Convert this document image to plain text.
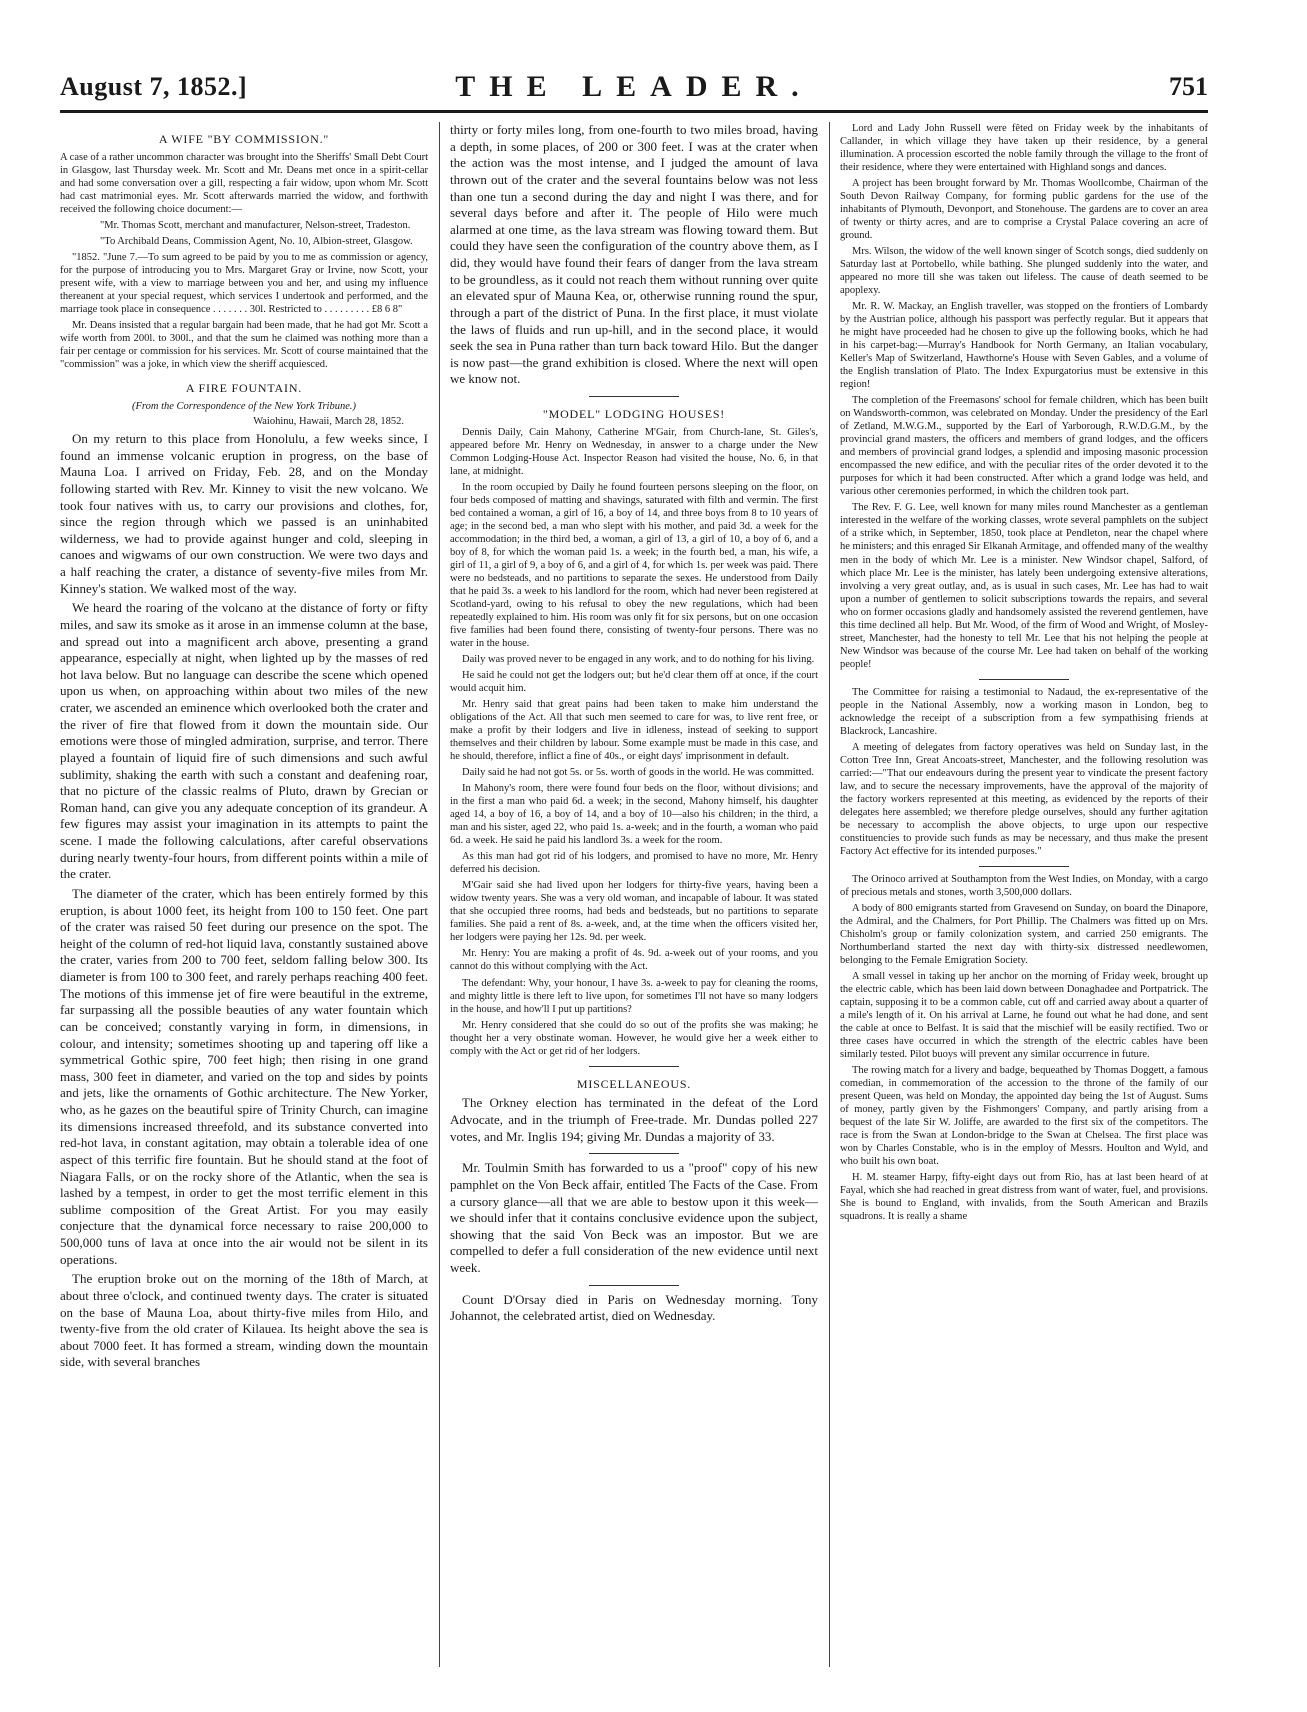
August 7, 1852.]	THE LEADER.	751

A WIFE "BY COMMISSION."

A case of a rather uncommon character was brought into the Sheriffs' Small Debt Court in Glasgow, last Thursday week. Mr. Scott and Mr. Deans met once in a spirit-cellar and had some conversation over a gill, respecting a fair widow, upon whom Mr. Scott had cast matrimonial eyes. Mr. Scott afterwards married the widow, and forthwith received the following choice document:—

"Mr. Thomas Scott, merchant and manufacturer, Nelson-street, Tradeston.

"To Archibald Deans, Commission Agent, No. 10, Albion-street, Glasgow.

"1852. "June 7.—To sum agreed to be paid by you to me as commission or agency, for the purpose of introducing you to Mrs. Margaret Gray or Irvine, now Scott, your present wife, with a view to marriage between you and her, and using my influence thereanent at your special request, which services I undertook and performed, and the marriage took place in consequence . . . . . . . 30l. Restricted to . . . . . . . . . £8 6 8"

Mr. Deans insisted that a regular bargain had been made, that he had got Mr. Scott a wife worth from 200l. to 300l., and that the sum he claimed was nothing more than a fair per centage or commission for his services. Mr. Scott of course maintained that the "commission" was a joke, in which view the sheriff acquiesced.

A FIRE FOUNTAIN.

(From the Correspondence of the New York Tribune.)

Waiohinu, Hawaii, March 28, 1852.

On my return to this place from Honolulu, a few weeks since, I found an immense volcanic eruption in progress, on the base of Mauna Loa. I arrived on Friday, Feb. 28, and on the Monday following started with Rev. Mr. Kinney to visit the new volcano. We took four natives with us, to carry our provisions and clothes, for, since the region through which we passed is an uninhabited wilderness, we had to provide against hunger and cold, sleeping in canoes and wigwams of our own construction. We were two days and a half reaching the crater, a distance of seventy-five miles from Mr. Kinney's station. We walked most of the way.

We heard the roaring of the volcano at the distance of forty or fifty miles, and saw its smoke as it arose in an immense column at the base, and spread out into a magnificent arch above, presenting a grand appearance, especially at night, when lighted up by the masses of red hot lava below. But no language can describe the scene which opened upon us when, on approaching within about two miles of the new crater, we ascended an eminence which overlooked both the crater and the river of fire that flowed from it down the mountain side. Our emotions were those of mingled admiration, surprise, and terror. There played a fountain of liquid fire of such dimensions and such awful sublimity, shaking the earth with such a constant and deafening roar, that no picture of the classic realms of Pluto, drawn by Grecian or Roman hand, can give you any adequate conception of its grandeur. A few figures may assist your imagination in its attempts to paint the scene. I made the following calculations, after careful observations during nearly twenty-four hours, from different points within a mile of the crater.

The diameter of the crater, which has been entirely formed by this eruption, is about 1000 feet, its height from 100 to 150 feet. One part of the crater was raised 50 feet during our presence on the spot. The height of the column of red-hot liquid lava, constantly sustained above the crater, varies from 200 to 700 feet, seldom falling below 300. Its diameter is from 100 to 300 feet, and rarely perhaps reaching 400 feet. The motions of this immense jet of fire were beautiful in the extreme, far surpassing all the possible beauties of any water fountain which can be conceived; constantly varying in form, in dimensions, in colour, and intensity; sometimes shooting up and tapering off like a symmetrical Gothic spire, 700 feet high; then rising in one grand mass, 300 feet in diameter, and varied on the top and sides by points and jets, like the ornaments of Gothic architecture. The New Yorker, who, as he gazes on the beautiful spire of Trinity Church, can imagine its dimensions increased threefold, and its substance converted into red-hot lava, in constant agitation, may obtain a tolerable idea of one aspect of this terrific fire fountain. But he should stand at the foot of Niagara Falls, or on the rocky shore of the Atlantic, when the sea is lashed by a tempest, in order to get the most terrific element in this sublime composition of the Great Artist. For you may easily conjecture that the dynamical force necessary to raise 200,000 to 500,000 tuns of lava at once into the air would not be silent in its operations.

The eruption broke out on the morning of the 18th of March, at about three o'clock, and continued twenty days. The crater is situated on the base of Mauna Loa, about thirty-five miles from Hilo, and twenty-five from the old crater of Kilauea. Its height above the sea is about 7000 feet. It has formed a stream, winding down the mountain side, with several branches

thirty or forty miles long, from one-fourth to two miles broad, having a depth, in some places, of 200 or 300 feet. I was at the crater when the action was the most intense, and I judged the amount of lava thrown out of the crater and the several fountains below was not less than one tun a second during the day and night I was there, and for several days before and after it. The people of Hilo were much alarmed at one time, as the lava stream was flowing toward them. But could they have seen the configuration of the country above them, as I did, they would have found their fears of danger from the lava stream to be groundless, as it could not reach them without running over quite an elevated spur of Mauna Kea, or, otherwise running round the spur, through a part of the district of Puna. In the first place, it must violate the laws of fluids and run up-hill, and in the second place, it would seek the sea in Puna rather than turn back toward Hilo. But the danger is now past—the grand exhibition is closed. Where the next will open we know not.

"MODEL" LODGING HOUSES!

Dennis Daily, Cain Mahony, Catherine M'Gair, from Church-lane, St. Giles's, appeared before Mr. Henry on Wednesday, in answer to a charge under the New Common Lodging-House Act. Inspector Reason had visited the house, No. 6, in that lane, at midnight.

In the room occupied by Daily he found fourteen persons sleeping on the floor, on four beds composed of matting and shavings, saturated with filth and vermin. The first bed contained a woman, a girl of 16, a boy of 14, and three boys from 8 to 10 years of age; in the second bed, a man who slept with his mother, and paid 3d. a week for the accommodation; in the third bed, a woman, a girl of 13, a girl of 10, a boy of 6, and a boy of 8, for which the woman paid 1s. a week; in the fourth bed, a man, his wife, a girl of 11, a girl of 9, a boy of 6, and a girl of 4, for which 1s. per week was paid. There were no bedsteads, and no partitions to separate the sexes. He understood from Daily that he paid 3s. a week to his landlord for the room, which had never been registered at Scotland-yard, owing to his refusal to obey the new regulations, which had been repeatedly explained to him. His room was only fit for six persons, but on one occasion five families had been found there, consisting of twenty-four persons. There was no water in the house.

Daily was proved never to be engaged in any work, and to do nothing for his living.

He said he could not get the lodgers out; but he'd clear them off at once, if the court would acquit him.

Mr. Henry said that great pains had been taken to make him understand the obligations of the Act. All that such men seemed to care for was, to live rent free, or make a profit by their lodgers and live in idleness, instead of seeking to support themselves and their children by labour. Some example must be made in this case, and he should, therefore, inflict a fine of 40s., or eight days' imprisonment in default.

Daily said he had not got 5s. or 5s. worth of goods in the world. He was committed.

In Mahony's room, there were found four beds on the floor, without divisions; and in the first a man who paid 6d. a week; in the second, Mahony himself, his daughter aged 14, a boy of 16, a boy of 14, and a boy of 10—also his children; in the third, a man and his sister, aged 22, who paid 1s. a-week; and in the fourth, a woman who paid 6d. a week. He said he paid his landlord 3s. a week for the room.

As this man had got rid of his lodgers, and promised to have no more, Mr. Henry deferred his decision.

M'Gair said she had lived upon her lodgers for thirty-five years, having been a widow twenty years. She was a very old woman, and incapable of labour. It was stated that she occupied three rooms, had beds and bedsteads, but no partitions to separate families. She paid a rent of 8s. a-week, and, at the time when the officers visited her, her lodgers were paying her 12s. 9d. per week.

Mr. Henry: You are making a profit of 4s. 9d. a-week out of your rooms, and you cannot do this without complying with the Act.

The defendant: Why, your honour, I have 3s. a-week to pay for cleaning the rooms, and mighty little is there left to live upon, for sometimes I'll not have so many lodgers in the house, and how'll I put up partitions?

Mr. Henry considered that she could do so out of the profits she was making; he thought her a very obstinate woman. However, he would give her a week either to comply with the Act or get rid of her lodgers.

MISCELLANEOUS.

The Orkney election has terminated in the defeat of the Lord Advocate, and in the triumph of Free-trade. Mr. Dundas polled 227 votes, and Mr. Inglis 194; giving Mr. Dundas a majority of 33.

Mr. Toulmin Smith has forwarded to us a "proof" copy of his new pamphlet on the Von Beck affair, entitled The Facts of the Case. From a cursory glance—all that we are able to bestow upon it this week—we should infer that it contains conclusive evidence upon the subject, showing that the said Von Beck was an impostor. But we are compelled to defer a full consideration of the new evidence until next week.

Count D'Orsay died in Paris on Wednesday morning. Tony Johannot, the celebrated artist, died on Wednesday.

Lord and Lady John Russell were fêted on Friday week by the inhabitants of Callander, in which village they have taken up their residence, by a general illumination. A procession escorted the noble family through the village to the front of their residence, where they were entertained with Highland songs and dances.

A project has been brought forward by Mr. Thomas Woollcombe, Chairman of the South Devon Railway Company, for forming public gardens for the use of the inhabitants of Plymouth, Devonport, and Stonehouse. The gardens are to cover an area of twenty or thirty acres, and are to comprise a Crystal Palace covering an acre of ground.

Mrs. Wilson, the widow of the well known singer of Scotch songs, died suddenly on Saturday last at Portobello, while bathing. She plunged suddenly into the water, and appeared no more till she was taken out lifeless. The cause of death seemed to be apoplexy.

Mr. R. W. Mackay, an English traveller, was stopped on the frontiers of Lombardy by the Austrian police, although his passport was perfectly regular. But it appears that he might have proceeded had he chosen to give up the following books, which he had in his carpet-bag:—Murray's Handbook for North Germany, an Italian vocabulary, Keller's Map of Switzerland, Hawthorne's House with Seven Gables, and a volume of the English translation of Plato. The Index Expurgatorius must be extensive in this region!

The completion of the Freemasons' school for female children, which has been built on Wandsworth-common, was celebrated on Monday. Under the presidency of the Earl of Zetland, M.W.G.M., supported by the Earl of Yarborough, R.W.D.G.M., by the provincial grand masters, the officers and members of grand lodges, and the officers and members of provincial grand lodges, a splendid and imposing masonic procession encompassed the new edifice, and with the peculiar rites of the order devoted it to the purposes for which it had been constructed. After which a grand lodge was held, and various other ceremonies performed, in which the children took part.

The Rev. F. G. Lee, well known for many miles round Manchester as a gentleman interested in the welfare of the working classes, wrote several pamphlets on the subject of a strike which, in September, 1850, took place at Pendleton, near the chapel where he ministers; and this enraged Sir Elkanah Armitage, and offended many of the wealthy men in the body of which Mr. Lee is a minister. New Windsor chapel, Salford, of which place Mr. Lee is the minister, has lately been undergoing extensive alterations, involving a very great outlay, and, as is usual in such cases, Mr. Lee has had to wait upon a number of gentlemen to solicit subscriptions towards the repairs, and several who on former occasions gladly and handsomely assisted the reverend gentlemen, have this time declined all help. But Mr. Wood, of the firm of Wood and Wright, of Mosley-street, Manchester, had the honesty to tell Mr. Lee that his not helping the people at New Windsor was because of the course Mr. Lee had taken on behalf of the working people!

The Committee for raising a testimonial to Nadaud, the ex-representative of the people in the National Assembly, now a working mason in London, beg to acknowledge the receipt of a subscription from a few sympathising friends at Blackrock, Lancashire.

A meeting of delegates from factory operatives was held on Sunday last, in the Cotton Tree Inn, Great Ancoats-street, Manchester, and the following resolution was carried:—"That our endeavours during the present year to vindicate the present factory law, and to secure the necessary improvements, have the approval of the majority of the factory workers represented at this meeting, as evidenced by the reports of their delegates here assembled; we therefore pledge ourselves, should any further agitation be necessary to accomplish the above objects, to urge upon our respective constituencies to provide such funds as may be necessary, and thus make the present Factory Act effective for its intended purposes."

The Orinoco arrived at Southampton from the West Indies, on Monday, with a cargo of precious metals and stones, worth 3,500,000 dollars.

A body of 800 emigrants started from Gravesend on Sunday, on board the Dinapore, the Admiral, and the Chalmers, for Port Phillip. The Chalmers was fitted up on Mrs. Chisholm's group or family colonization system, and carried 250 emigrants. The Northumberland started the next day with thirty-six distressed needlewomen, belonging to the Female Emigration Society.

A small vessel in taking up her anchor on the morning of Friday week, brought up the electric cable, which has been laid down between Donaghadee and Portpatrick. The captain, supposing it to be a common cable, cut off and carried away about a quarter of a mile's length of it. On his arrival at Larne, he found out what he had done, and sent the cable at once to Belfast. It is said that the mischief will be easily rectified. Two or three cases have occurred in which the strength of the electric cables have been similarly tested. Pilot buoys will prevent any similar occurrence in future.

The rowing match for a livery and badge, bequeathed by Thomas Doggett, a famous comedian, in commemoration of the accession to the throne of the family of our present Queen, was held on Monday, the appointed day being the 1st of August. Sums of money, partly given by the Fishmongers' Company, and partly arising from a bequest of the late Sir W. Joliffe, are awarded to the first six of the competitors. The race is from the Swan at London-bridge to the Swan at Chelsea. The first place was won by Charles Constable, who is in the employ of Messrs. Houlton and Wyld, and who built his own boat.

H. M. steamer Harpy, fifty-eight days out from Rio, has at last been heard of at Fayal, which she had reached in great distress from want of water, fuel, and provisions. She is bound to England, with invalids, from the South American and Brazils squadrons. It is really a shame
